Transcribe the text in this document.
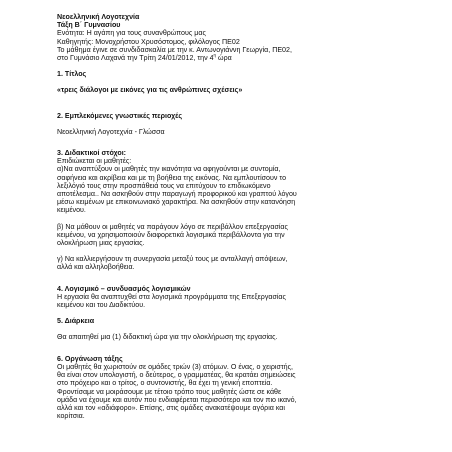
Νεοελληνική Λογοτεχνία
Τάξη Β΄ Γυμνασίου
Ενότητα: Η αγάπη για τους συνανθρώπους μας
Καθηγητής: Μονοχρήστου Χρυσόστομος, φιλόλογος ΠΕ02
Το μάθημα έγινε σε συνδιδασκαλία με την κ. Αντωνογιάννη Γεωργία, ΠΕ02,
στο Γυμνάσιο Λαχανά την Τρίτη 24/01/2012, την $4^\eta$ ώρα
1. Τίτλος
«τρεις διάλογοι με εικόνες για τις ανθρώπινες σχέσεις»
2. Εμπλεκόμενες γνωστικές περιοχές
Νεοελληνική Λογοτεχνία - Γλώσσα
3. Διδακτικοί στόχοι:
Επιδιώκεται οι μαθητές:
α)Να αναπτύξουν οι μαθητές την ικανότητα να αφηγούνται με συντομία,
σαφήνεια και ακρίβεια και με τη βοήθεια της εικόνας. Να εμπλουτίσουν το
λεξιλόγιό τους στην προσπάθειά τους να επιτύχουν το επιδιωκόμενο
αποτέλεσμα.. Να ασκηθούν στην παραγωγή προφορικού και γραπτού λόγου
μέσω κειμένων με επικοινωνιακό χαρακτήρα. Να ασκηθούν στην κατανόηση
κειμένου.
β) Να μάθουν οι μαθητές να παράγουν λόγο σε περιβάλλον επεξεργασίας
κειμένου, να χρησιμοποιούν διαφορετικά λογισμικά περιβάλλοντα για την
ολοκλήρωση μιας εργασίας.
γ) Να καλλιεργήσουν τη συνεργασία μεταξύ τους με ανταλλαγή απόψεων,
αλλά και αλληλοβοήθεια.
4. Λογισμικό – συνδυασμός λογισμικών
Η εργασία θα αναπτυχθεί στα λογισμικά προγράμματα της Επεξεργασίας
κειμένου και του Διαδικτύου.
5. Διάρκεια
Θα απαιτηθεί μια (1) διδακτική ώρα για την ολοκλήρωση της εργασίας.
6. Οργάνωση τάξης
Οι μαθητές θα χωριστούν σε ομάδες τριών (3) ατόμων. Ο ένας, ο χειριστής,
θα είναι στον υπολογιστή, ο δεύτερος, ο γραμματέας, θα κρατάει σημειώσεις
στο πρόχειρο και ο τρίτος, ο συντονιστής, θα έχει τη γενική εποπτεία.
Φροντίσαμε να μοιράσουμε με τέτοιο τρόπο τους μαθητές ώστε σε κάθε
ομάδα να έχουμε και αυτόν που ενδιαφέρεται περισσότερο και τον πιο ικανό,
αλλά και τον «αδιάφορο». Επίσης, στις ομάδες ανακατέψουμε αγόρια και
κορίτσια.
